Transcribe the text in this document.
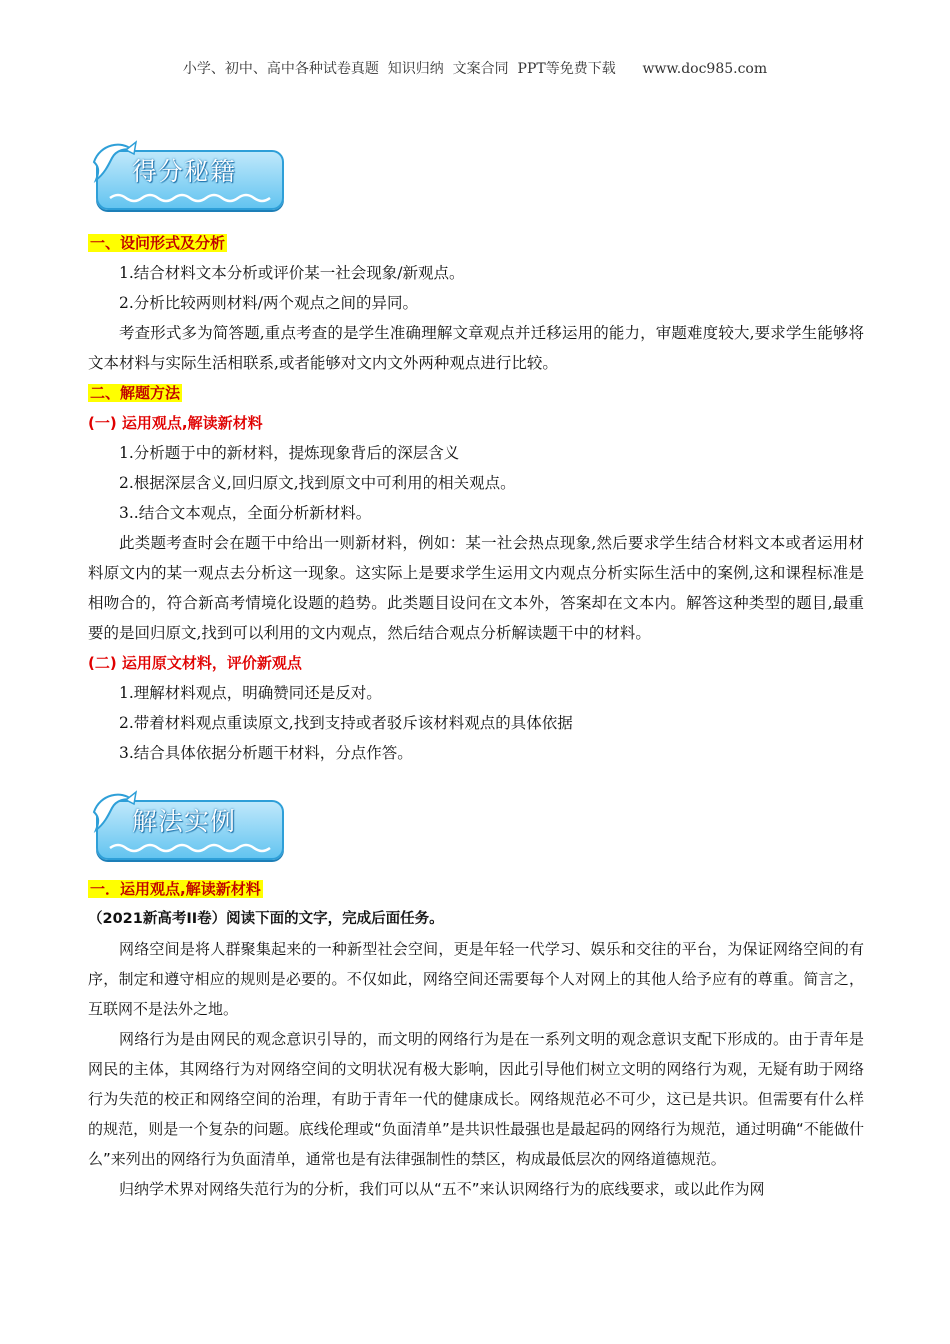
小学、初中、高中各种试卷真题  知识归纳  文案合同  PPT等免费下载 www.doc985.com
得分秘籍
解法实例
一、设问形式及分析

1.结合材料文本分析或评价某一社会现象/新观点。

2.分析比较两则材料/两个观点之间的异同。

考查形式多为简答题,重点考查的是学生准确理解文章观点并迁移运用的能力，审题难度较大,要求学生能够将文本材料与实际生活相联系,或者能够对文内文外两种观点进行比较。

二、解题方法
(一) 运用观点,解读新材料

1.分析题于中的新材料，提炼现象背后的深层含义

2.根据深层含义,回归原文,找到原文中可利用的相关观点。

3..结合文本观点，全面分析新材料。

此类题考查时会在题干中给出一则新材料，例如：某一社会热点现象,然后要求学生结合材料文本或者运用材料原文内的某一观点去分析这一现象。这实际上是要求学生运用文内观点分析实际生活中的案例,这和课程标准是相吻合的，符合新高考情境化设题的趋势。此类题目设问在文本外，答案却在文本内。解答这种类型的题目,最重要的是回归原文,找到可以利用的文内观点，然后结合观点分析解读题干中的材料。

(二) 运用原文材料，评价新观点

1.理解材料观点，明确赞同还是反对。

2.带着材料观点重读原文,找到支持或者驳斥该材料观点的具体依据

3.结合具体依据分析题干材料，分点作答。

一．运用观点,解读新材料
（2021新高考II卷）阅读下面的文字，完成后面任务。

网络空间是将人群聚集起来的一种新型社会空间，更是年轻一代学习、娱乐和交往的平台，为保证网络空间的有序，制定和遵守相应的规则是必要的。不仅如此，网络空间还需要每个人对网上的其他人给予应有的尊重。简言之，互联网不是法外之地。

网络行为是由网民的观念意识引导的，而文明的网络行为是在一系列文明的观念意识支配下形成的。由于青年是网民的主体，其网络行为对网络空间的文明状况有极大影响，因此引导他们树立文明的网络行为观，无疑有助于网络行为失范的校正和网络空间的治理，有助于青年一代的健康成长。网络规范必不可少，这已是共识。但需要有什么样的规范，则是一个复杂的问题。底线伦理或“负面清单”是共识性最强也是最起码的网络行为规范，通过明确“不能做什么”来列出的网络行为负面清单，通常也是有法律强制性的禁区，构成最低层次的网络道德规范。

归纳学术界对网络失范行为的分析，我们可以从“五不”来认识网络行为的底线要求，或以此作为网
